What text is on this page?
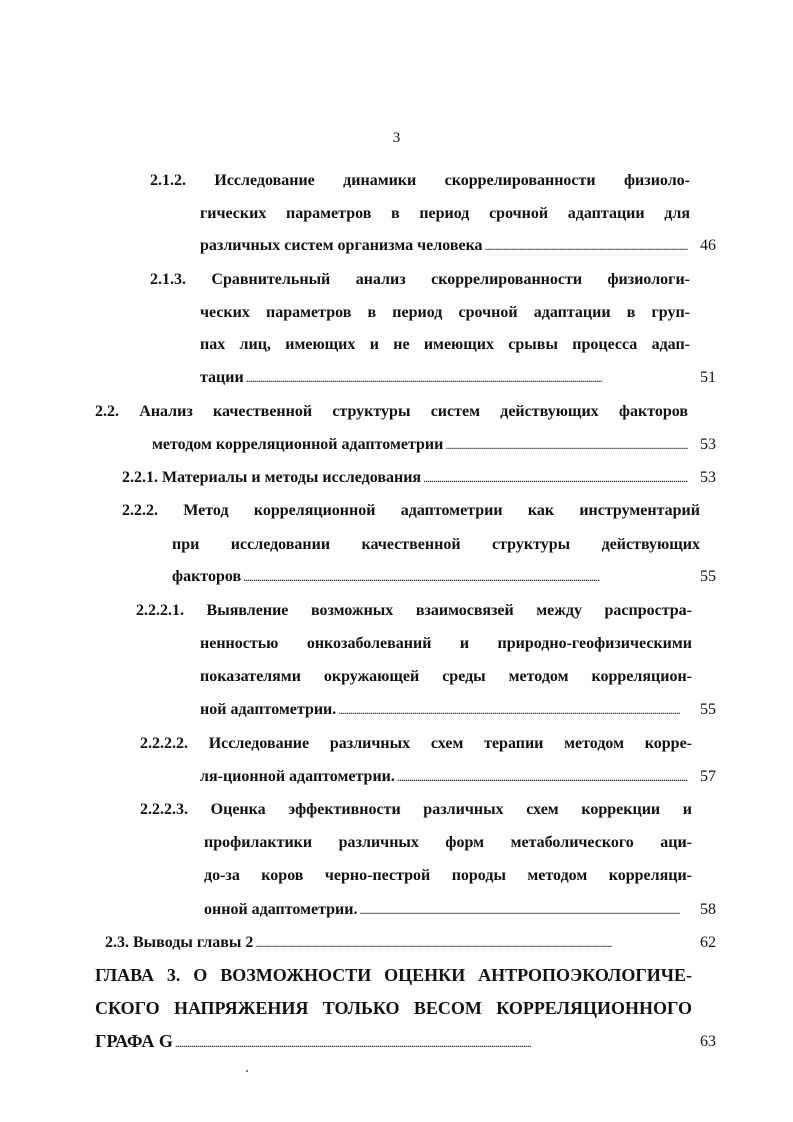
3
2.1.2. Исследование динамики скоррелированности физиоло-
гических параметров в период срочной адаптации для
различных систем организма человека . . .	46
2.1.3. Сравнительный анализ скоррелированности физиологи-
ческих параметров в период срочной адаптации в груп-
пах лиц, имеющих и не имеющих срывы процесса адап-
тации . . .	51
2.2. Анализ качественной структуры систем действующих факторов
методом корреляционной адаптометрии . . .	53
2.2.1. Материалы и методы исследования . . .	53
2.2.2. Метод корреляционной адаптометрии как инструментарий
при исследовании качественной структуры действующих
факторов . . .	55
2.2.2.1. Выявление возможных взаимосвязей между распростра-
ненностью онкозаболеваний и природно-геофизическими
показателями окружающей среды методом корреляцион-
ной адаптометрии. . . .	55
2.2.2.2. Исследование различных схем терапии методом корре-
ля-ционной адаптометрии. . . .	57
2.2.2.3. Оценка эффективности различных схем коррекции и
профилактики различных форм метаболического аци-
до-за коров черно-пестрой породы методом корреляци-
онной адаптометрии. . . .	58
2.3. Выводы главы 2 . . .	62
ГЛАВА 3. О ВОЗМОЖНОСТИ ОЦЕНКИ АНТРОПОЭКОЛОГИЧЕ-
СКОГО НАПРЯЖЕНИЯ ТОЛЬКО ВЕСОМ КОРРЕЛЯЦИОННОГО
ГРАФА G . . .	63
